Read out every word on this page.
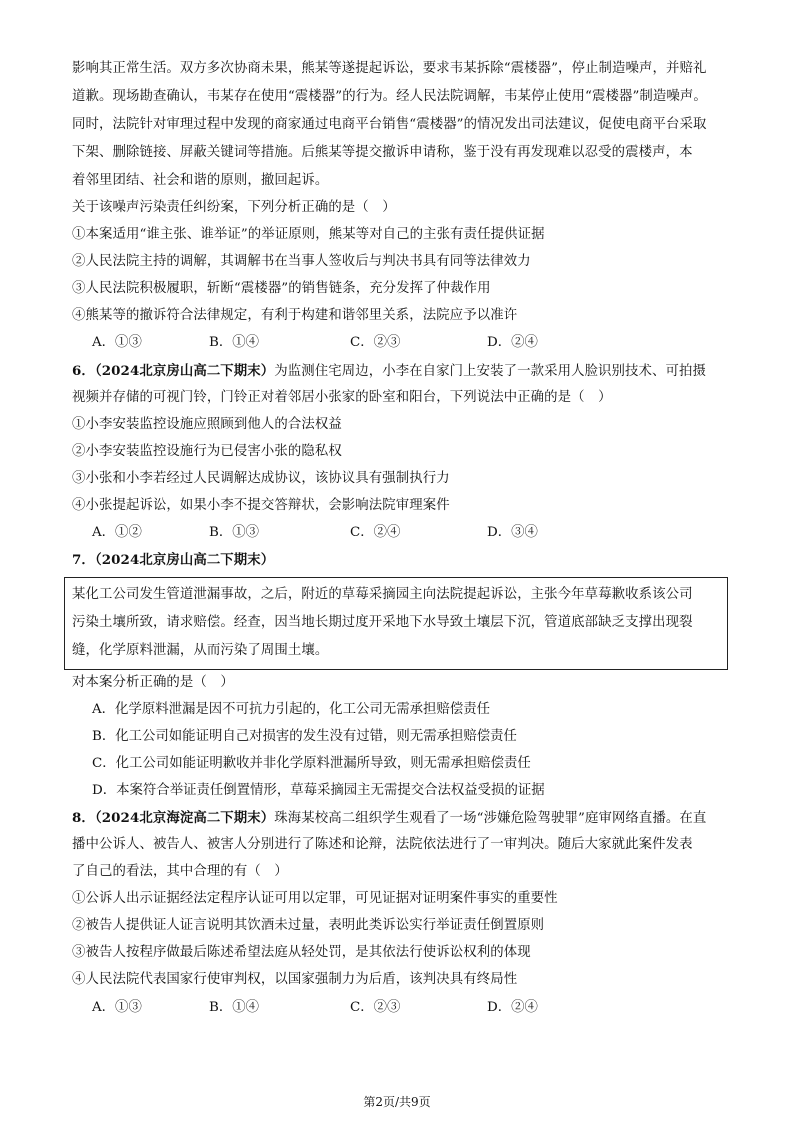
影响其正常生活。双方多次协商未果，熊某等遂提起诉讼，要求韦某拆除“震楼器”，停止制造噪声，并赔礼
道歉。现场勘查确认，韦某存在使用“震楼器”的行为。经人民法院调解，韦某停止使用“震楼器”制造噪声。
同时，法院针对审理过程中发现的商家通过电商平台销售“震楼器”的情况发出司法建议，促使电商平台采取
下架、删除链接、屏蔽关键词等措施。后熊某等提交撤诉申请称，鉴于没有再发现难以忍受的震楼声，本
着邻里团结、社会和谐的原则，撤回起诉。
关于该噪声污染责任纠纷案，下列分析正确的是（　）
①本案适用“谁主张、谁举证”的举证原则，熊某等对自己的主张有责任提供证据
②人民法院主持的调解，其调解书在当事人签收后与判决书具有同等法律效力
③人民法院积极履职，斩断“震楼器”的销售链条，充分发挥了仲裁作用
④熊某等的撤诉符合法律规定，有利于构建和谐邻里关系，法院应予以准许
A．①③	B．①④	C．②③	D．②④
6．（2024北京房山高二下期末）为监测住宅周边，小李在自家门上安装了一款采用人脸识别技术、可拍摄
视频并存储的可视门铃，门铃正对着邻居小张家的卧室和阳台，下列说法中正确的是（　）
①小李安装监控设施应照顾到他人的合法权益
②小李安装监控设施行为已侵害小张的隐私权
③小张和小李若经过人民调解达成协议，该协议具有强制执行力
④小张提起诉讼，如果小李不提交答辩状，会影响法院审理案件
A．①②	B．①③	C．②④	D．③④
7．（2024北京房山高二下期末）
某化工公司发生管道泄漏事故，之后，附近的草莓采摘园主向法院提起诉讼，主张今年草莓歉收系该公司
污染土壤所致，请求赔偿。经查，因当地长期过度开采地下水导致土壤层下沉，管道底部缺乏支撑出现裂
缝，化学原料泄漏，从而污染了周围土壤。
对本案分析正确的是（　）
A．化学原料泄漏是因不可抗力引起的，化工公司无需承担赔偿责任
B．化工公司如能证明自己对损害的发生没有过错，则无需承担赔偿责任
C．化工公司如能证明歉收并非化学原料泄漏所导致，则无需承担赔偿责任
D．本案符合举证责任倒置情形，草莓采摘园主无需提交合法权益受损的证据
8．（2024北京海淀高二下期末）珠海某校高二组织学生观看了一场“涉嫌危险驾驶罪”庭审网络直播。在直
播中公诉人、被告人、被害人分别进行了陈述和论辩，法院依法进行了一审判决。随后大家就此案件发表
了自己的看法，其中合理的有（　）
①公诉人出示证据经法定程序认证可用以定罪，可见证据对证明案件事实的重要性
②被告人提供证人证言说明其饮酒未过量，表明此类诉讼实行举证责任倒置原则
③被告人按程序做最后陈述希望法庭从轻处罚，是其依法行使诉讼权利的体现
④人民法院代表国家行使审判权，以国家强制力为后盾，该判决具有终局性
A．①③	B．①④	C．②③	D．②④
第2页/共9页
